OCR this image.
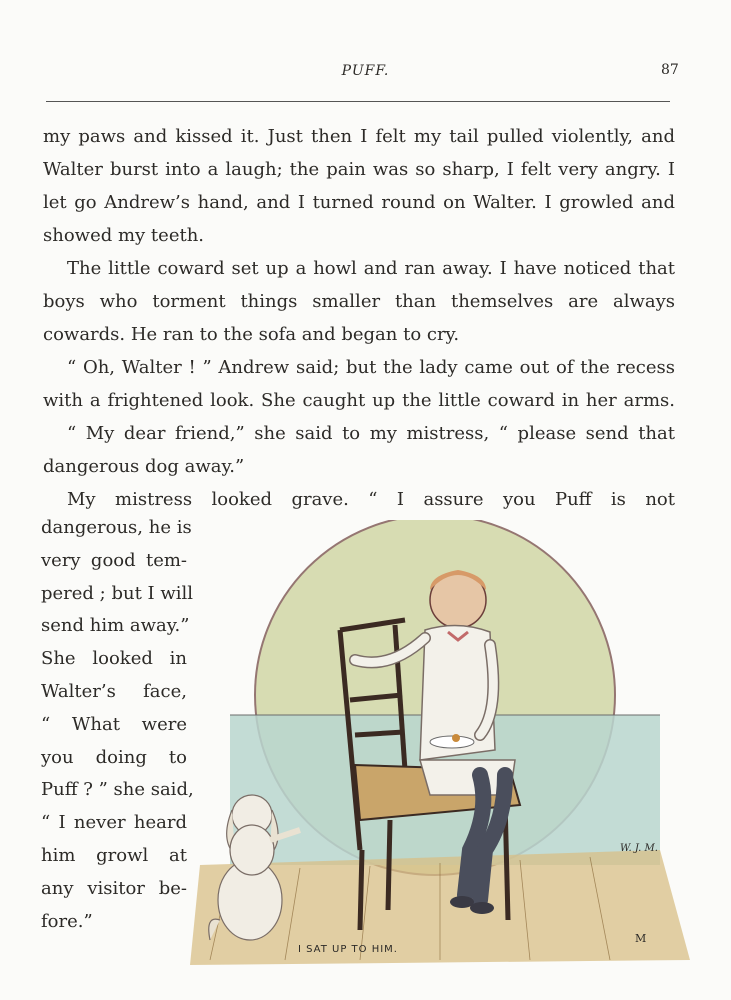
PUFF.	87

my paws and kissed it. Just then I felt my tail pulled violently, and Walter burst into a laugh; the pain was so sharp, I felt very angry. I let go Andrew’s hand, and I turned round on Walter. I growled and showed my teeth.

The little coward set up a howl and ran away. I have noticed that boys who torment things smaller than themselves are always cowards. He ran to the sofa and began to cry.

“ Oh, Walter ! ” Andrew said; but the lady came out of the recess with a frightened look. She caught up the little coward in her arms.

“ My dear friend,” she said to my mistress, “ please send that dangerous dog away.”

My mistress looked grave. “ I assure you Puff is not

dangerous, he is
very good tem-
pered ; but I will
send him away.”
She looked in
Walter’s face,
“ What were
you doing to
Puff ? ” she said,
“ I never heard
him growl at
any visitor be-
fore.”
W. J. M.
I SAT UP TO HIM.
M
